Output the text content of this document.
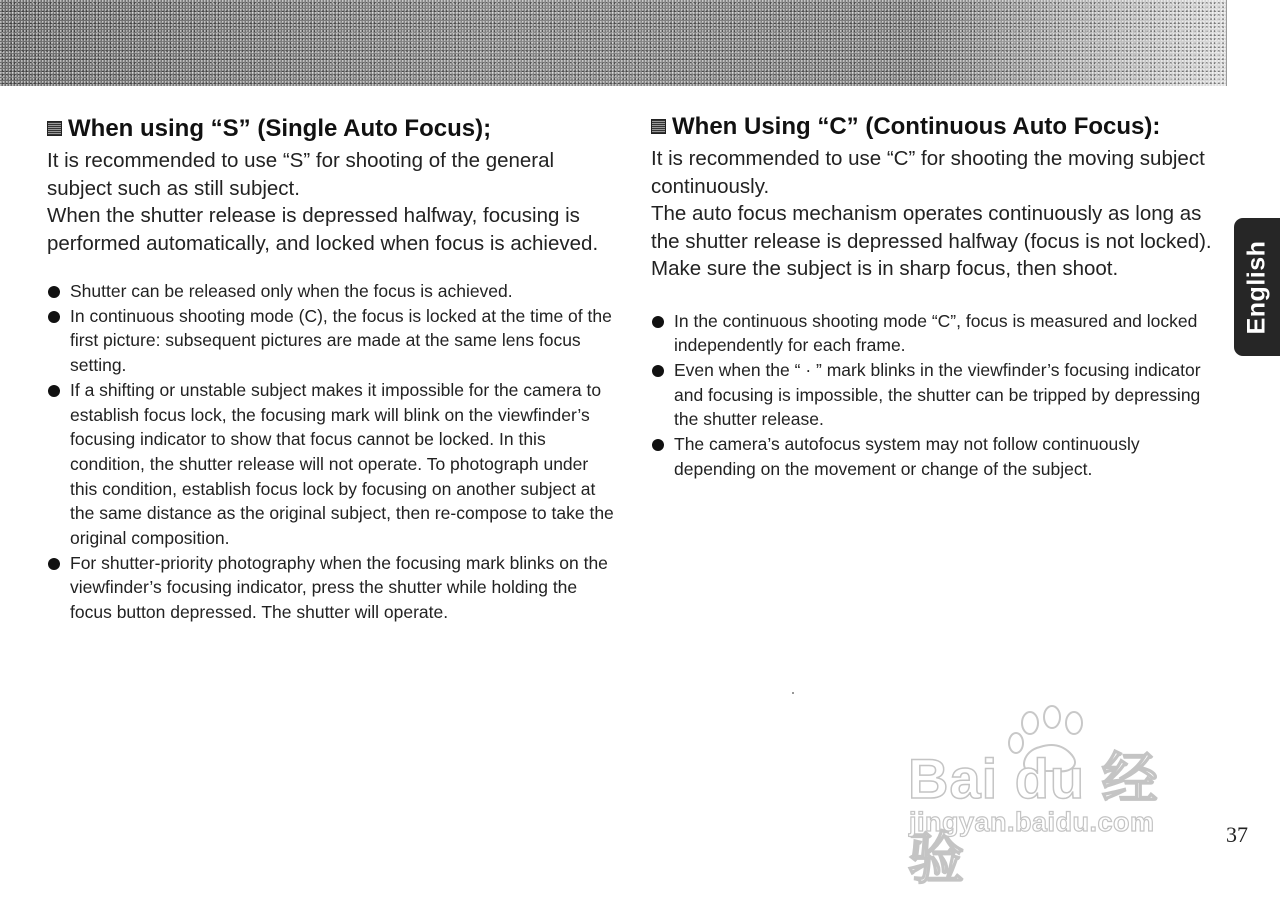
When using “S” (Single Auto Focus);

It is recommended to use “S” for shooting of the general subject such as still subject.

When the shutter release is depressed halfway, focusing is performed automatically, and locked when focus is achieved.

Shutter can be released only when the focus is achieved.
In continuous shooting mode (C), the focus is locked at the time of the first picture: subsequent pictures are made at the same lens focus setting.
If a shifting or unstable subject makes it impossible for the camera to establish focus lock, the focusing mark will blink on the viewfinder’s focusing indicator to show that focus cannot be locked. In this condition, the shutter release will not operate. To photograph under this condition, establish focus lock by focusing on another subject at the same distance as the original subject, then re-compose to take the original composition.
For shutter-priority photography when the focusing mark blinks on the viewfinder’s focusing indicator, press the shutter while holding the focus button depressed. The shutter will operate.
When Using “C” (Continuous Auto Focus):

It is recommended to use “C” for shooting the moving subject continuously.

The auto focus mechanism operates continuously as long as the shutter release is depressed halfway (focus is not locked). Make sure the subject is in sharp focus, then shoot.

In the continuous shooting mode “C”, focus is measured and locked independently for each frame.
Even when the “ · ” mark blinks in the viewfinder’s focusing indicator and focusing is impossible, the shutter can be tripped by depressing the shutter release.
The camera’s autofocus system may not follow continuously depending on the movement or change of the subject.
English
Bai du 经验
jingyan.baidu.com	37
